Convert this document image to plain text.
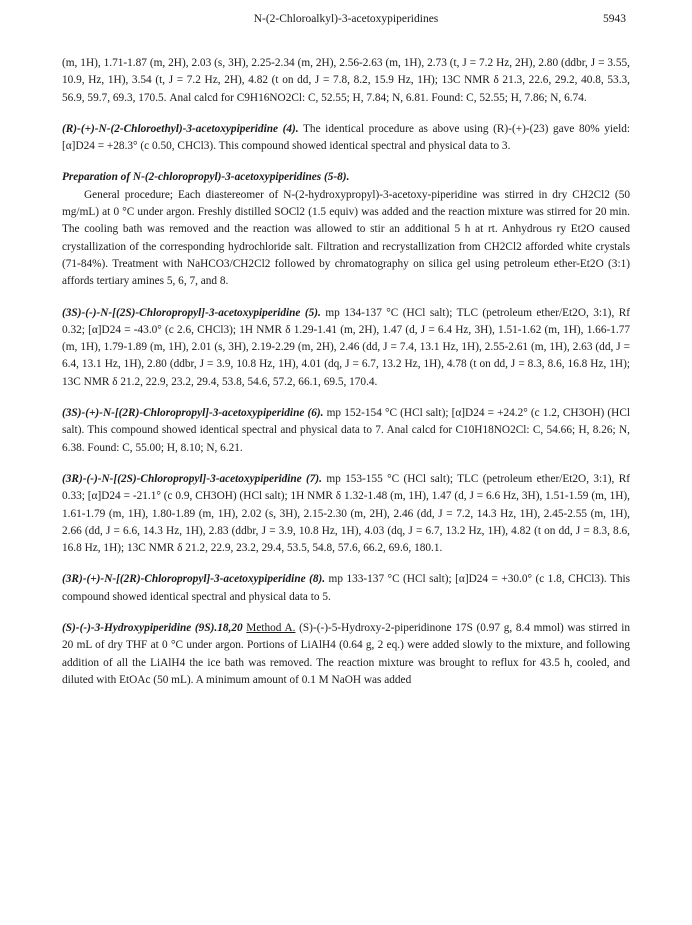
N-(2-Chloroalkyl)-3-acetoxypiperidines	5943

(m, 1H), 1.71-1.87 (m, 2H), 2.03 (s, 3H), 2.25-2.34 (m, 2H), 2.56-2.63 (m, 1H), 2.73 (t, J = 7.2 Hz, 2H), 2.80 (ddbr, J = 3.55, 10.9, Hz, 1H), 3.54 (t, J = 7.2 Hz, 2H), 4.82 (t on dd, J = 7.8, 8.2, 15.9 Hz, 1H); 13C NMR δ 21.3, 22.6, 29.2, 40.8, 53.3, 56.9, 59.7, 69.3, 170.5. Anal calcd for C9H16NO2Cl: C, 52.55; H, 7.84; N, 6.81. Found: C, 52.55; H, 7.86; N, 6.74.

(R)-(+)-N-(2-Chloroethyl)-3-acetoxypiperidine (4). The identical procedure as above using (R)-(+)-(23) gave 80% yield: [α]D24 = +28.3° (c 0.50, CHCl3). This compound showed identical spectral and physical data to 3.

Preparation of N-(2-chloropropyl)-3-acetoxypiperidines (5-8).

General procedure; Each diastereomer of N-(2-hydroxypropyl)-3-acetoxy-piperidine was stirred in dry CH2Cl2 (50 mg/mL) at 0 °C under argon. Freshly distilled SOCl2 (1.5 equiv) was added and the reaction mixture was stirred for 20 min. The cooling bath was removed and the reaction was allowed to stir an additional 5 h at rt. Anhydrous ry Et2O caused crystallization of the corresponding hydrochloride salt. Filtration and recrystallization from CH2Cl2 afforded white crystals (71-84%). Treatment with NaHCO3/CH2Cl2 followed by chromatography on silica gel using petroleum ether-Et2O (3:1) affords tertiary amines 5, 6, 7, and 8.

(3S)-(-)-N-[(2S)-Chloropropyl]-3-acetoxypiperidine (5). mp 134-137 °C (HCl salt); TLC (petroleum ether/Et2O, 3:1), Rf 0.32; [α]D24 = -43.0° (c 2.6, CHCl3); 1H NMR δ 1.29-1.41 (m, 2H), 1.47 (d, J = 6.4 Hz, 3H), 1.51-1.62 (m, 1H), 1.66-1.77 (m, 1H), 1.79-1.89 (m, 1H), 2.01 (s, 3H), 2.19-2.29 (m, 2H), 2.46 (dd, J = 7.4, 13.1 Hz, 1H), 2.55-2.61 (m, 1H), 2.63 (dd, J = 6.4, 13.1 Hz, 1H), 2.80 (ddbr, J = 3.9, 10.8 Hz, 1H), 4.01 (dq, J = 6.7, 13.2 Hz, 1H), 4.78 (t on dd, J = 8.3, 8.6, 16.8 Hz, 1H); 13C NMR δ 21.2, 22.9, 23.2, 29.4, 53.8, 54.6, 57.2, 66.1, 69.5, 170.4.

(3S)-(+)-N-[(2R)-Chloropropyl]-3-acetoxypiperidine (6). mp 152-154 °C (HCl salt); [α]D24 = +24.2° (c 1.2, CH3OH) (HCl salt). This compound showed identical spectral and physical data to 7. Anal calcd for C10H18NO2Cl: C, 54.66; H, 8.26; N, 6.38. Found: C, 55.00; H, 8.10; N, 6.21.

(3R)-(-)-N-[(2S)-Chloropropyl]-3-acetoxypiperidine (7). mp 153-155 °C (HCl salt); TLC (petroleum ether/Et2O, 3:1), Rf 0.33; [α]D24 = -21.1° (c 0.9, CH3OH) (HCl salt); 1H NMR δ 1.32-1.48 (m, 1H), 1.47 (d, J = 6.6 Hz, 3H), 1.51-1.59 (m, 1H), 1.61-1.79 (m, 1H), 1.80-1.89 (m, 1H), 2.02 (s, 3H), 2.15-2.30 (m, 2H), 2.46 (dd, J = 7.2, 14.3 Hz, 1H), 2.45-2.55 (m, 1H), 2.66 (dd, J = 6.6, 14.3 Hz, 1H), 2.83 (ddbr, J = 3.9, 10.8 Hz, 1H), 4.03 (dq, J = 6.7, 13.2 Hz, 1H), 4.82 (t on dd, J = 8.3, 8.6, 16.8 Hz, 1H); 13C NMR δ 21.2, 22.9, 23.2, 29.4, 53.5, 54.8, 57.6, 66.2, 69.6, 180.1.

(3R)-(+)-N-[(2R)-Chloropropyl]-3-acetoxypiperidine (8). mp 133-137 °C (HCl salt); [α]D24 = +30.0° (c 1.8, CHCl3). This compound showed identical spectral and physical data to 5.

(S)-(-)-3-Hydroxypiperidine (9S).18,20 Method A. (S)-(-)-5-Hydroxy-2-piperidinone 17S (0.97 g, 8.4 mmol) was stirred in 20 mL of dry THF at 0 °C under argon. Portions of LiAlH4 (0.64 g, 2 eq.) were added slowly to the mixture, and following addition of all the LiAlH4 the ice bath was removed. The reaction mixture was brought to reflux for 43.5 h, cooled, and diluted with EtOAc (50 mL). A minimum amount of 0.1 M NaOH was added
